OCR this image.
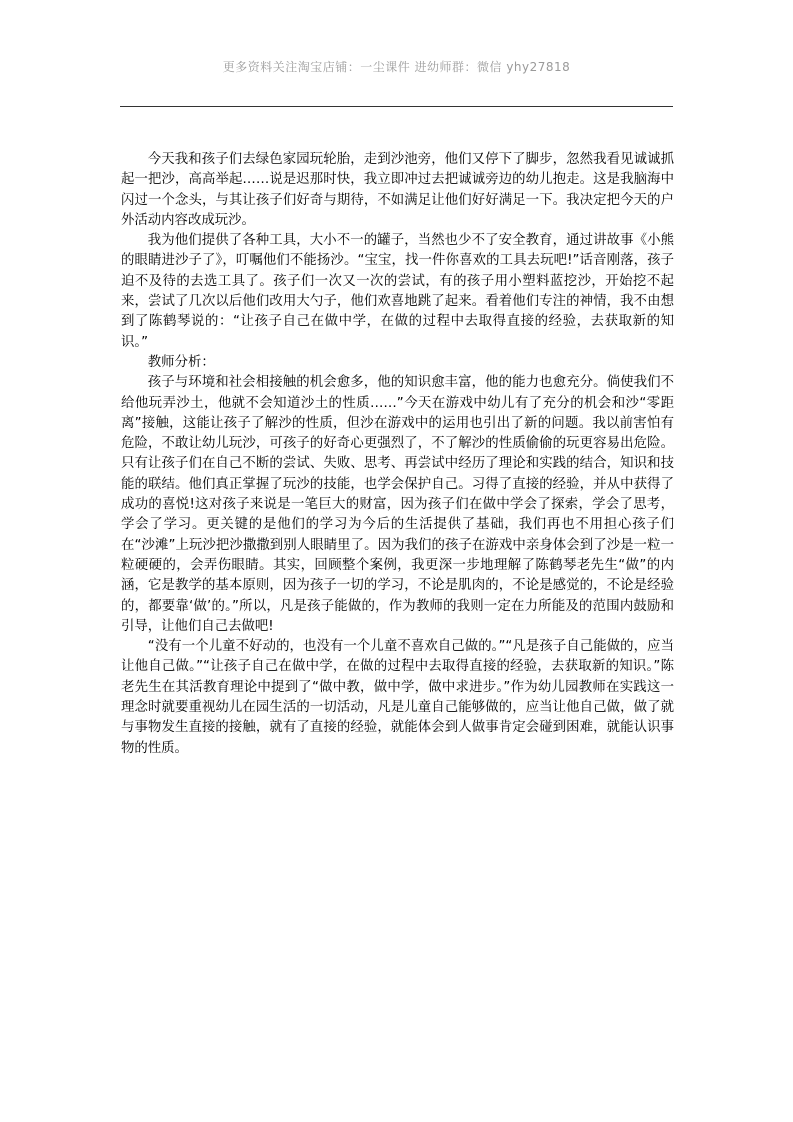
更多资料关注淘宝店铺：一尘课件 进幼师群：微信 yhy27818

今天我和孩子们去绿色家园玩轮胎，走到沙池旁，他们又停下了脚步，忽然我看见诚诚抓起一把沙，高高举起……说是迟那时快，我立即冲过去把诚诚旁边的幼儿抱走。这是我脑海中闪过一个念头，与其让孩子们好奇与期待，不如满足让他们好好满足一下。我决定把今天的户外活动内容改成玩沙。

我为他们提供了各种工具，大小不一的罐子，当然也少不了安全教育，通过讲故事《小熊的眼睛进沙子了》，叮嘱他们不能扬沙。“宝宝，找一件你喜欢的工具去玩吧!”话音刚落，孩子迫不及待的去选工具了。孩子们一次又一次的尝试，有的孩子用小塑料蓝挖沙，开始挖不起来，尝试了几次以后他们改用大勺子，他们欢喜地跳了起来。看着他们专注的神情，我不由想到了陈鹤琴说的：“让孩子自己在做中学，在做的过程中去取得直接的经验，去获取新的知识。”

教师分析：

孩子与环境和社会相接触的机会愈多，他的知识愈丰富，他的能力也愈充分。倘使我们不给他玩弄沙土，他就不会知道沙土的性质……”今天在游戏中幼儿有了充分的机会和沙“零距离”接触，这能让孩子了解沙的性质，但沙在游戏中的运用也引出了新的问题。我以前害怕有危险，不敢让幼儿玩沙，可孩子的好奇心更强烈了，不了解沙的性质偷偷的玩更容易出危险。只有让孩子们在自己不断的尝试、失败、思考、再尝试中经历了理论和实践的结合，知识和技能的联结。他们真正掌握了玩沙的技能，也学会保护自己。习得了直接的经验，并从中获得了成功的喜悦!这对孩子来说是一笔巨大的财富，因为孩子们在做中学会了探索，学会了思考，学会了学习。更关键的是他们的学习为今后的生活提供了基础，我们再也不用担心孩子们在“沙滩”上玩沙把沙撒撒到别人眼睛里了。因为我们的孩子在游戏中亲身体会到了沙是一粒一粒硬硬的，会弄伤眼睛。其实，回顾整个案例，我更深一步地理解了陈鹤琴老先生“做”的内涵，它是教学的基本原则，因为孩子一切的学习，不论是肌肉的，不论是感觉的，不论是经验的，都要靠‘做’的。”所以，凡是孩子能做的，作为教师的我则一定在力所能及的范围内鼓励和引导，让他们自己去做吧!

“没有一个儿童不好动的，也没有一个儿童不喜欢自己做的。”“凡是孩子自己能做的，应当让他自己做。”“让孩子自己在做中学，在做的过程中去取得直接的经验，去获取新的知识。”陈老先生在其活教育理论中提到了“做中教，做中学，做中求进步。”作为幼儿园教师在实践这一理念时就要重视幼儿在园生活的一切活动，凡是儿童自己能够做的，应当让他自己做，做了就与事物发生直接的接触，就有了直接的经验，就能体会到人做事肯定会碰到困难，就能认识事物的性质。
